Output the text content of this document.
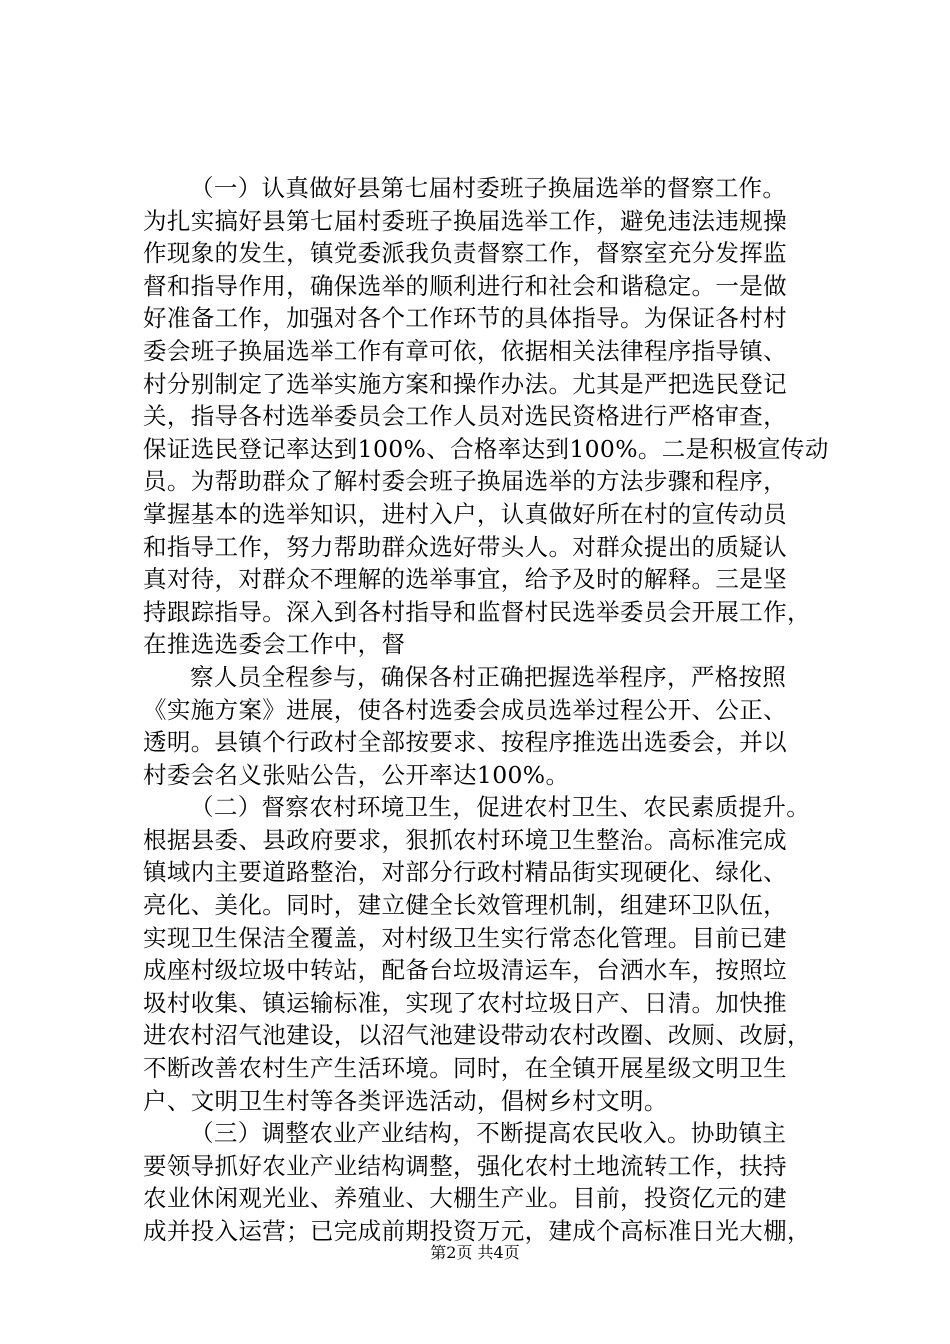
（一）认真做好县第七届村委班子换届选举的督察工作。
为扎实搞好县第七届村委班子换届选举工作，避免违法违规操
作现象的发生，镇党委派我负责督察工作，督察室充分发挥监
督和指导作用，确保选举的顺利进行和社会和谐稳定。一是做
好准备工作，加强对各个工作环节的具体指导。为保证各村村
委会班子换届选举工作有章可依，依据相关法律程序指导镇、
村分别制定了选举实施方案和操作办法。尤其是严把选民登记
关，指导各村选举委员会工作人员对选民资格进行严格审查，
保证选民登记率达到100%、合格率达到100%。二是积极宣传动
员。为帮助群众了解村委会班子换届选举的方法步骤和程序，
掌握基本的选举知识，进村入户，认真做好所在村的宣传动员
和指导工作，努力帮助群众选好带头人。对群众提出的质疑认
真对待，对群众不理解的选举事宜，给予及时的解释。三是坚
持跟踪指导。深入到各村指导和监督村民选举委员会开展工作，
在推选选委会工作中，督
察人员全程参与，确保各村正确把握选举程序，严格按照
《实施方案》进展，使各村选委会成员选举过程公开、公正、
透明。县镇个行政村全部按要求、按程序推选出选委会，并以
村委会名义张贴公告，公开率达100%。
（二）督察农村环境卫生，促进农村卫生、农民素质提升。
根据县委、县政府要求，狠抓农村环境卫生整治。高标准完成
镇域内主要道路整治，对部分行政村精品街实现硬化、绿化、
亮化、美化。同时，建立健全长效管理机制，组建环卫队伍，
实现卫生保洁全覆盖，对村级卫生实行常态化管理。目前已建
成座村级垃圾中转站，配备台垃圾清运车，台洒水车，按照垃
圾村收集、镇运输标准，实现了农村垃圾日产、日清。加快推
进农村沼气池建设，以沼气池建设带动农村改圈、改厕、改厨，
不断改善农村生产生活环境。同时，在全镇开展星级文明卫生
户、文明卫生村等各类评选活动，倡树乡村文明。
（三）调整农业产业结构，不断提高农民收入。协助镇主
要领导抓好农业产业结构调整，强化农村土地流转工作，扶持
农业休闲观光业、养殖业、大棚生产业。目前，投资亿元的建
成并投入运营；已完成前期投资万元，建成个高标准日光大棚，
第2页 共4页
